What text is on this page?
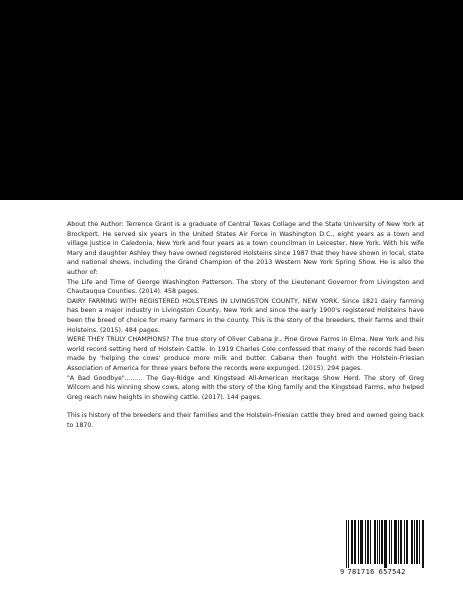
About the Author: Terrence Grant is a graduate of Central Texas Collage and the State University of New York at Brockport. He served six years in the United States Air Force in Washington D.C., eight years as a town and village justice in Caledonia, New York and four years as a town councilman in Leicester, New York. With his wife Mary and daughter Ashley they have owned registered Holsteins since 1987 that they have shown in local, state and national shows, including the Grand Champion of the 2013 Western New York Spring Show. He is also the author of:

The Life and Time of George Washington Patterson. The story of the Lieutenant Governor from Livingston and Chautauqua Counties. (2014). 458 pages.

DAIRY FARMING WITH REGISTERED HOLSTEINS IN LIVINGSTON COUNTY, NEW YORK. Since 1821 dairy farming has been a major industry in Livingston County, New York and since the early 1900's registered Holsteins have been the breed of choice for many farmers in the county. This is the story of the breeders, their farms and their Holsteins. (2015). 484 pages.

WERE THEY TRULY CHAMPIONS? The true story of Oliver Cabana Jr., Pine Grove Farms in Elma, New York and his world record setting herd of Holstein Cattle. In 1919 Charles Cole confessed that many of the records had been made by 'helping the cows' produce more milk and butter. Cabana then fought with the Holstein-Friesian Association of America for three years before the records were expunged. (2015). 294 pages.

"A Bad Goodbye"......... The Gay-Ridge and Kingstead All-American Heritage Show Herd. The story of Greg Wilcom and his winning show cows, along with the story of the King family and the Kingstead Farms, who helped Greg reach new heights in showing cattle. (2017). 144 pages.

This is history of the breeders and their families and the Holstein-Friesian cattle they bred and owned going back to 1870.

9 781716 657542
